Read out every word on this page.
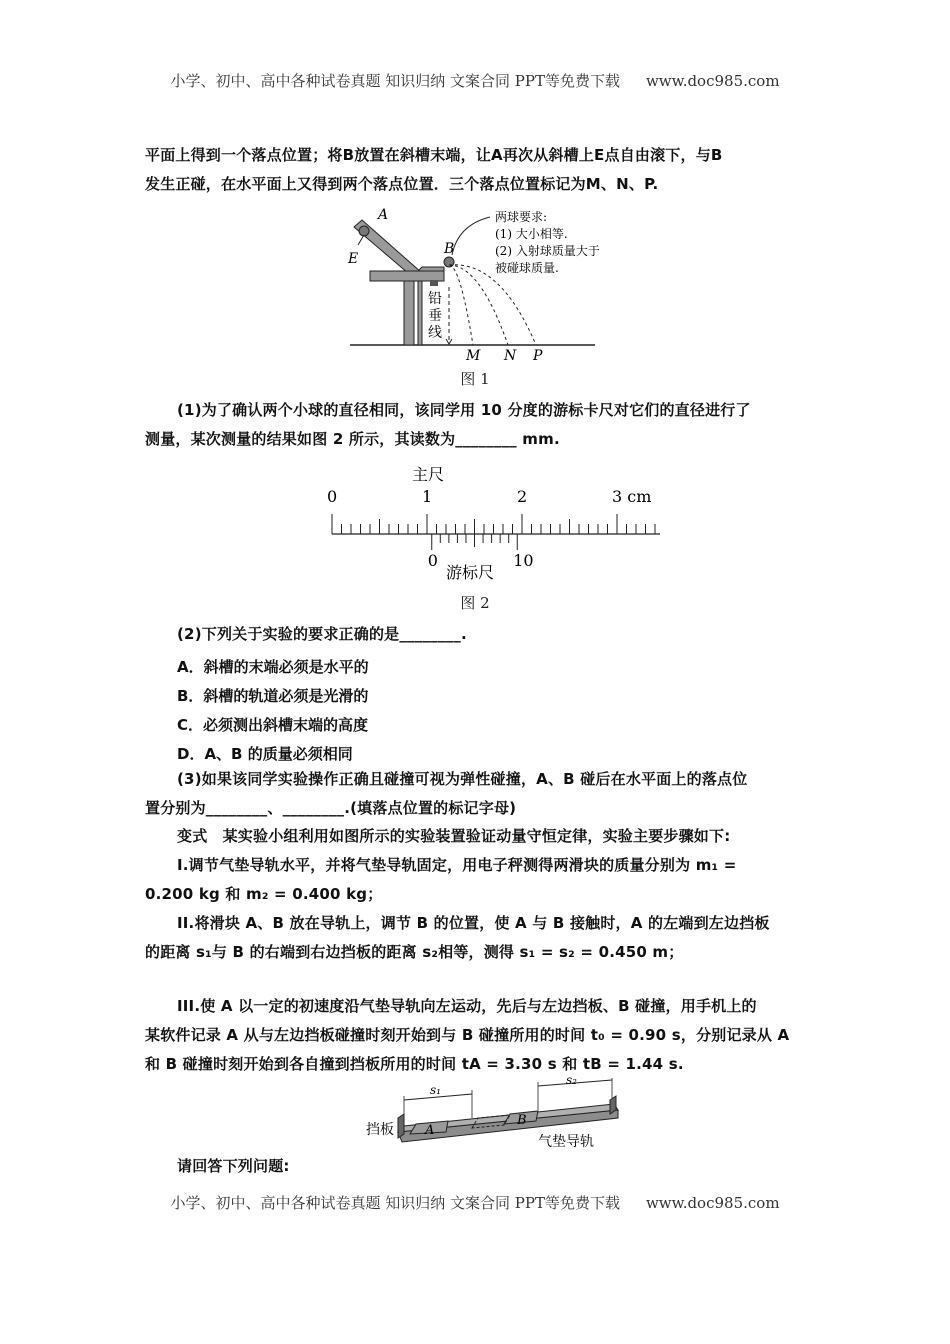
小学、初中、高中各种试卷真题 知识归纳 文案合同 PPT等免费下载 www.doc985.com
平面上得到一个落点位置；将B放置在斜槽末端，让A再次从斜槽上E点自由滚下，与B
发生正碰，在水平面上又得到两个落点位置．三个落点位置标记为M、N、P.
A
E
B
M N P
铅
垂
线
两球要求:
(1) 大小相等.
(2) 入射球质量大于
被碰球质量.
图 1
(1)为了确认两个小球的直径相同，该同学用 10 分度的游标卡尺对它们的直径进行了
测量，某次测量的结果如图 2 所示，其读数为________ mm.
主尺
0	1	2	3 cm
0	10
游标尺
图 2
(2)下列关于实验的要求正确的是________.
A．斜槽的末端必须是水平的
B．斜槽的轨道必须是光滑的
C．必须测出斜槽末端的高度
D．A、B 的质量必须相同
(3)如果该同学实验操作正确且碰撞可视为弹性碰撞，A、B 碰后在水平面上的落点位
置分别为________、________.(填落点位置的标记字母)
变式　某实验小组利用如图所示的实验装置验证动量守恒定律，实验主要步骤如下:
I.调节气垫导轨水平，并将气垫导轨固定，用电子秤测得两滑块的质量分别为 m₁ =
0.200 kg 和 m₂ = 0.400 kg；
II.将滑块 A、B 放在导轨上，调节 B 的位置，使 A 与 B 接触时，A 的左端到左边挡板
的距离 s₁与 B 的右端到右边挡板的距离 s₂相等，测得 s₁ = s₂ = 0.450 m；
III.使 A 以一定的初速度沿气垫导轨向左运动，先后与左边挡板、B 碰撞，用手机上的
某软件记录 A 从与左边挡板碰撞时刻开始到与 B 碰撞所用的时间 t₀ = 0.90 s，分别记录从 A
和 B 碰撞时刻开始到各自撞到挡板所用的时间 tA = 3.30 s 和 tB = 1.44 s.
s₁
s₂
A
B
挡板
气垫导轨
请回答下列问题:
小学、初中、高中各种试卷真题 知识归纳 文案合同 PPT等免费下载 www.doc985.com
